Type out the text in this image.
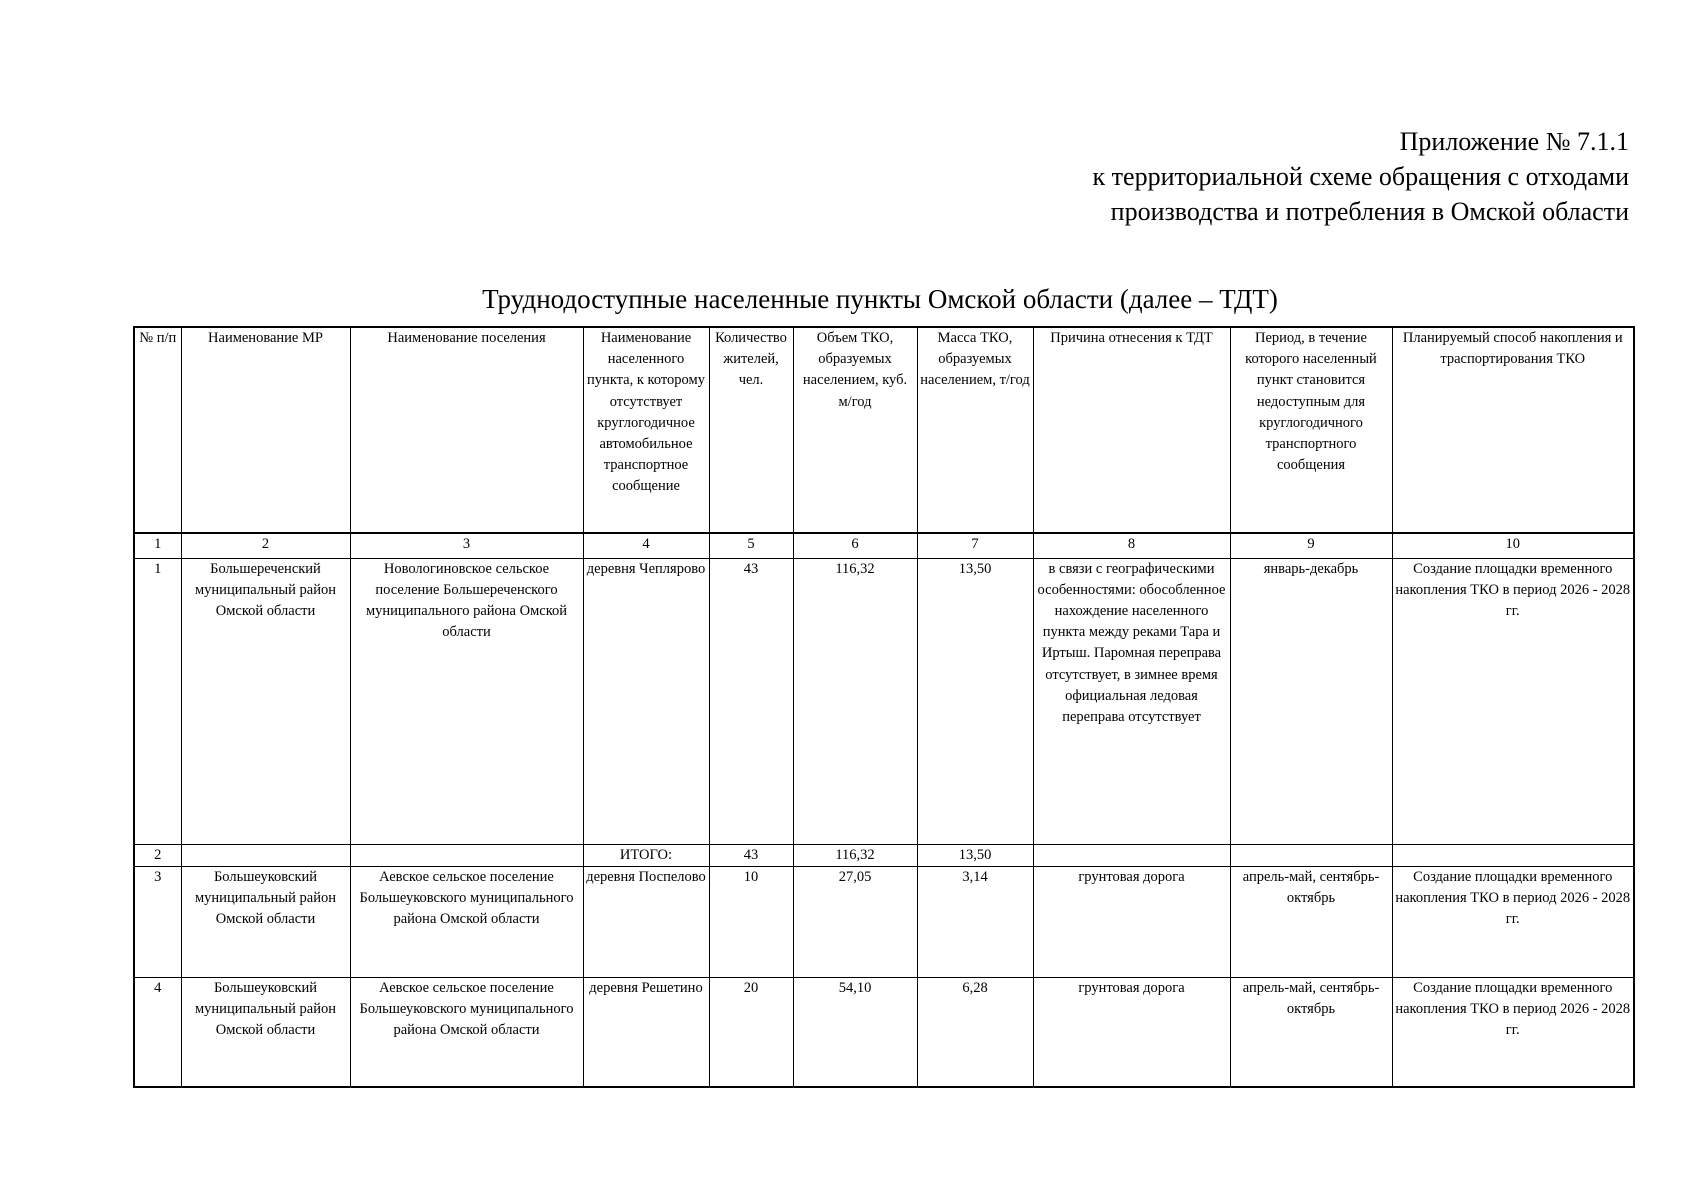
Приложение № 7.1.1
к территориальной схеме обращения с отходами
производства и потребления в Омской области
Труднодоступные населенные пункты Омской области (далее – ТДТ)
№ п/п	Наименование МР	Наименование поселения	Наименование населенного пункта, к которому отсутствует круглогодичное автомобильное транспортное сообщение	Количество жителей, чел.	Объем ТКО, образуемых населением, куб. м/год	Масса ТКО, образуемых населением, т/год	Причина отнесения к ТДТ	Период, в течение которого населенный пункт становится недоступным для круглогодичного транспортного сообщения	Планируемый способ накопления и траспортирования ТКО
1	2	3	4	5	6	7	8	9	10
1	Большереченский муниципальный район Омской области	Новологиновское сельское поселение Большереченского муниципального района Омской области	деревня Чеплярово	43	116,32	13,50	в связи с географическими особенностями: обособленное нахождение населенного пункта между реками Тара и Иртыш. Паромная переправа отсутствует, в зимнее время официальная ледовая переправа отсутствует	январь-декабрь	Создание площадки временного накопления ТКО в период 2026 - 2028 гг.
2			ИТОГО:	43	116,32	13,50			
3	Большеуковский муниципальный район Омской области	Аевское сельское поселение Большеуковского муниципального района Омской области	деревня Поспелово	10	27,05	3,14	грунтовая дорога	апрель-май, сентябрь-октябрь	Создание площадки временного накопления ТКО в период 2026 - 2028 гг.
4	Большеуковский муниципальный район Омской области	Аевское сельское поселение Большеуковского муниципального района Омской области	деревня Решетино	20	54,10	6,28	грунтовая дорога	апрель-май, сентябрь-октябрь	Создание площадки временного накопления ТКО в период 2026 - 2028 гг.
